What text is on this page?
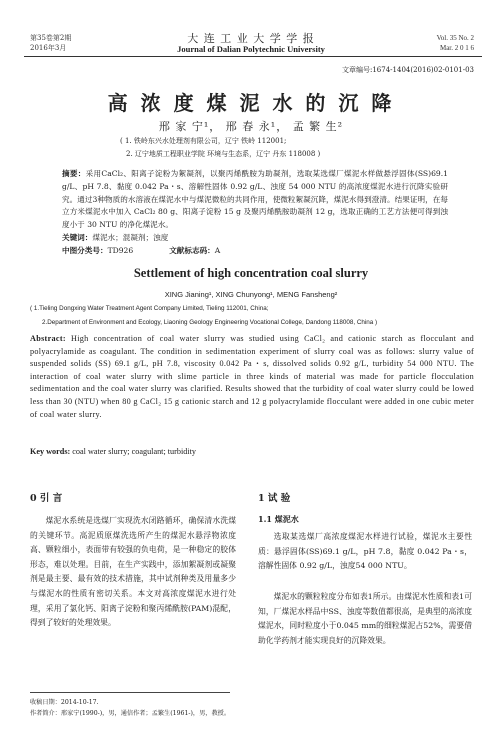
第35卷第2期
2016年3月
大 连 工 业 大 学 学 报
Journal of Dalian Polytechnic University
Vol. 35 No. 2
Mar. 2 0 1 6
文章编号:1674-1404(2016)02-0101-03
高 浓 度 煤 泥 水 的 沉 降
邢 家 宁¹， 邢 春 永¹， 孟 繁 生²
( 1. 铁岭东兴水处理剂有限公司，辽宁 铁岭 112001;
2. 辽宁地质工程职业学院 环境与生态系，辽宁 丹东 118008 )
摘要：采用CaCl₂、阳离子淀粉为絮凝剂，以聚丙烯酰胺为助凝剂，选取某选煤厂煤泥水样做悬浮固体(SS)69.1 g/L、pH 7.8、黏度 0.042 Pa・s、溶解性固体 0.92 g/L、浊度 54 000 NTU 的高浓度煤泥水进行沉降实验研究。通过3种物质的水溶液在煤泥水中与煤泥微粒的共同作用，使微粒絮凝沉降，煤泥水得到澄清。结果证明，在每立方米煤泥水中加入 CaCl₂ 80 g、阳离子淀粉 15 g 及聚丙烯酰胺助凝剂 12 g，选取正确的工艺方法便可得到浊度小于 30 NTU 的净化煤泥水。
关键词：煤泥水；混凝剂；浊度
中图分类号：TD926	文献标志码：A
Settlement of high concentration coal slurry
XING Jianing¹, XING Chunyong¹, MENG Fansheng²
( 1.Tieling Dongxing Water Treatment Agent Company Limited, Tieling 112001, China;
2.Department of Environment and Ecology, Liaoning Geology Engineering Vocational College, Dandong 118008, China )
Abstract: High concentration of coal water slurry was studied using CaCl₂ and cationic starch as flocculant and polyacrylamide as coagulant. The condition in sedimentation experiment of slurry coal was as follows: slurry value of suspended solids (SS) 69.1 g/L, pH 7.8, viscosity 0.042 Pa・s, dissolved solids 0.92 g/L, turbidity 54 000 NTU. The interaction of coal water slurry with slime particle in three kinds of material was made for particle flocculation sedimentation and the coal water slurry was clarified. Results showed that the turbidity of coal water slurry could be lowed less than 30 (NTU) when 80 g CaCl₂ 15 g cationic starch and 12 g polyacrylamide flocculant were added in one cubic meter of coal water slurry.
Key words: coal water slurry; coagulant; turbidity
0 引 言
煤泥水系统是选煤厂实现洗水闭路循环，确保清水洗煤的关键环节。高泥质原煤洗选所产生的煤泥水悬浮物浓度高、颗粒细小，表面带有较强的负电荷，是一种稳定的胶体形态，难以处理。目前，在生产实践中，添加絮凝剂或凝聚剂是最主要、最有效的技术措施，其中试剂种类及用量多少与煤泥水的性质有密切关系。本文对高浓度煤泥水进行处理，采用了氯化钙、阳离子淀粉和聚丙烯酰胺(PAM)混配，得到了较好的处理效果。
1 试 验
1.1 煤泥水
选取某选煤厂高浓度煤泥水样进行试验，煤泥水主要性质：悬浮固体(SS)69.1 g/L，pH 7.8，黏度 0.042 Pa・s，溶解性固体 0.92 g/L，浊度54 000 NTU。
煤泥水的颗粒粒度分布如表1所示。由煤泥水性质和表1可知，厂煤泥水样品中SS、浊度等数值都很高，是典型的高浓度煤泥水，同时粒度小于0.045 mm的细粒煤泥占52%，需要借助化学药剂才能实现良好的沉降效果。
收稿日期：2014-10-17.
作者简介：邢家宁(1990-)，男，通信作者；孟繁生(1961-)，男，教授。
